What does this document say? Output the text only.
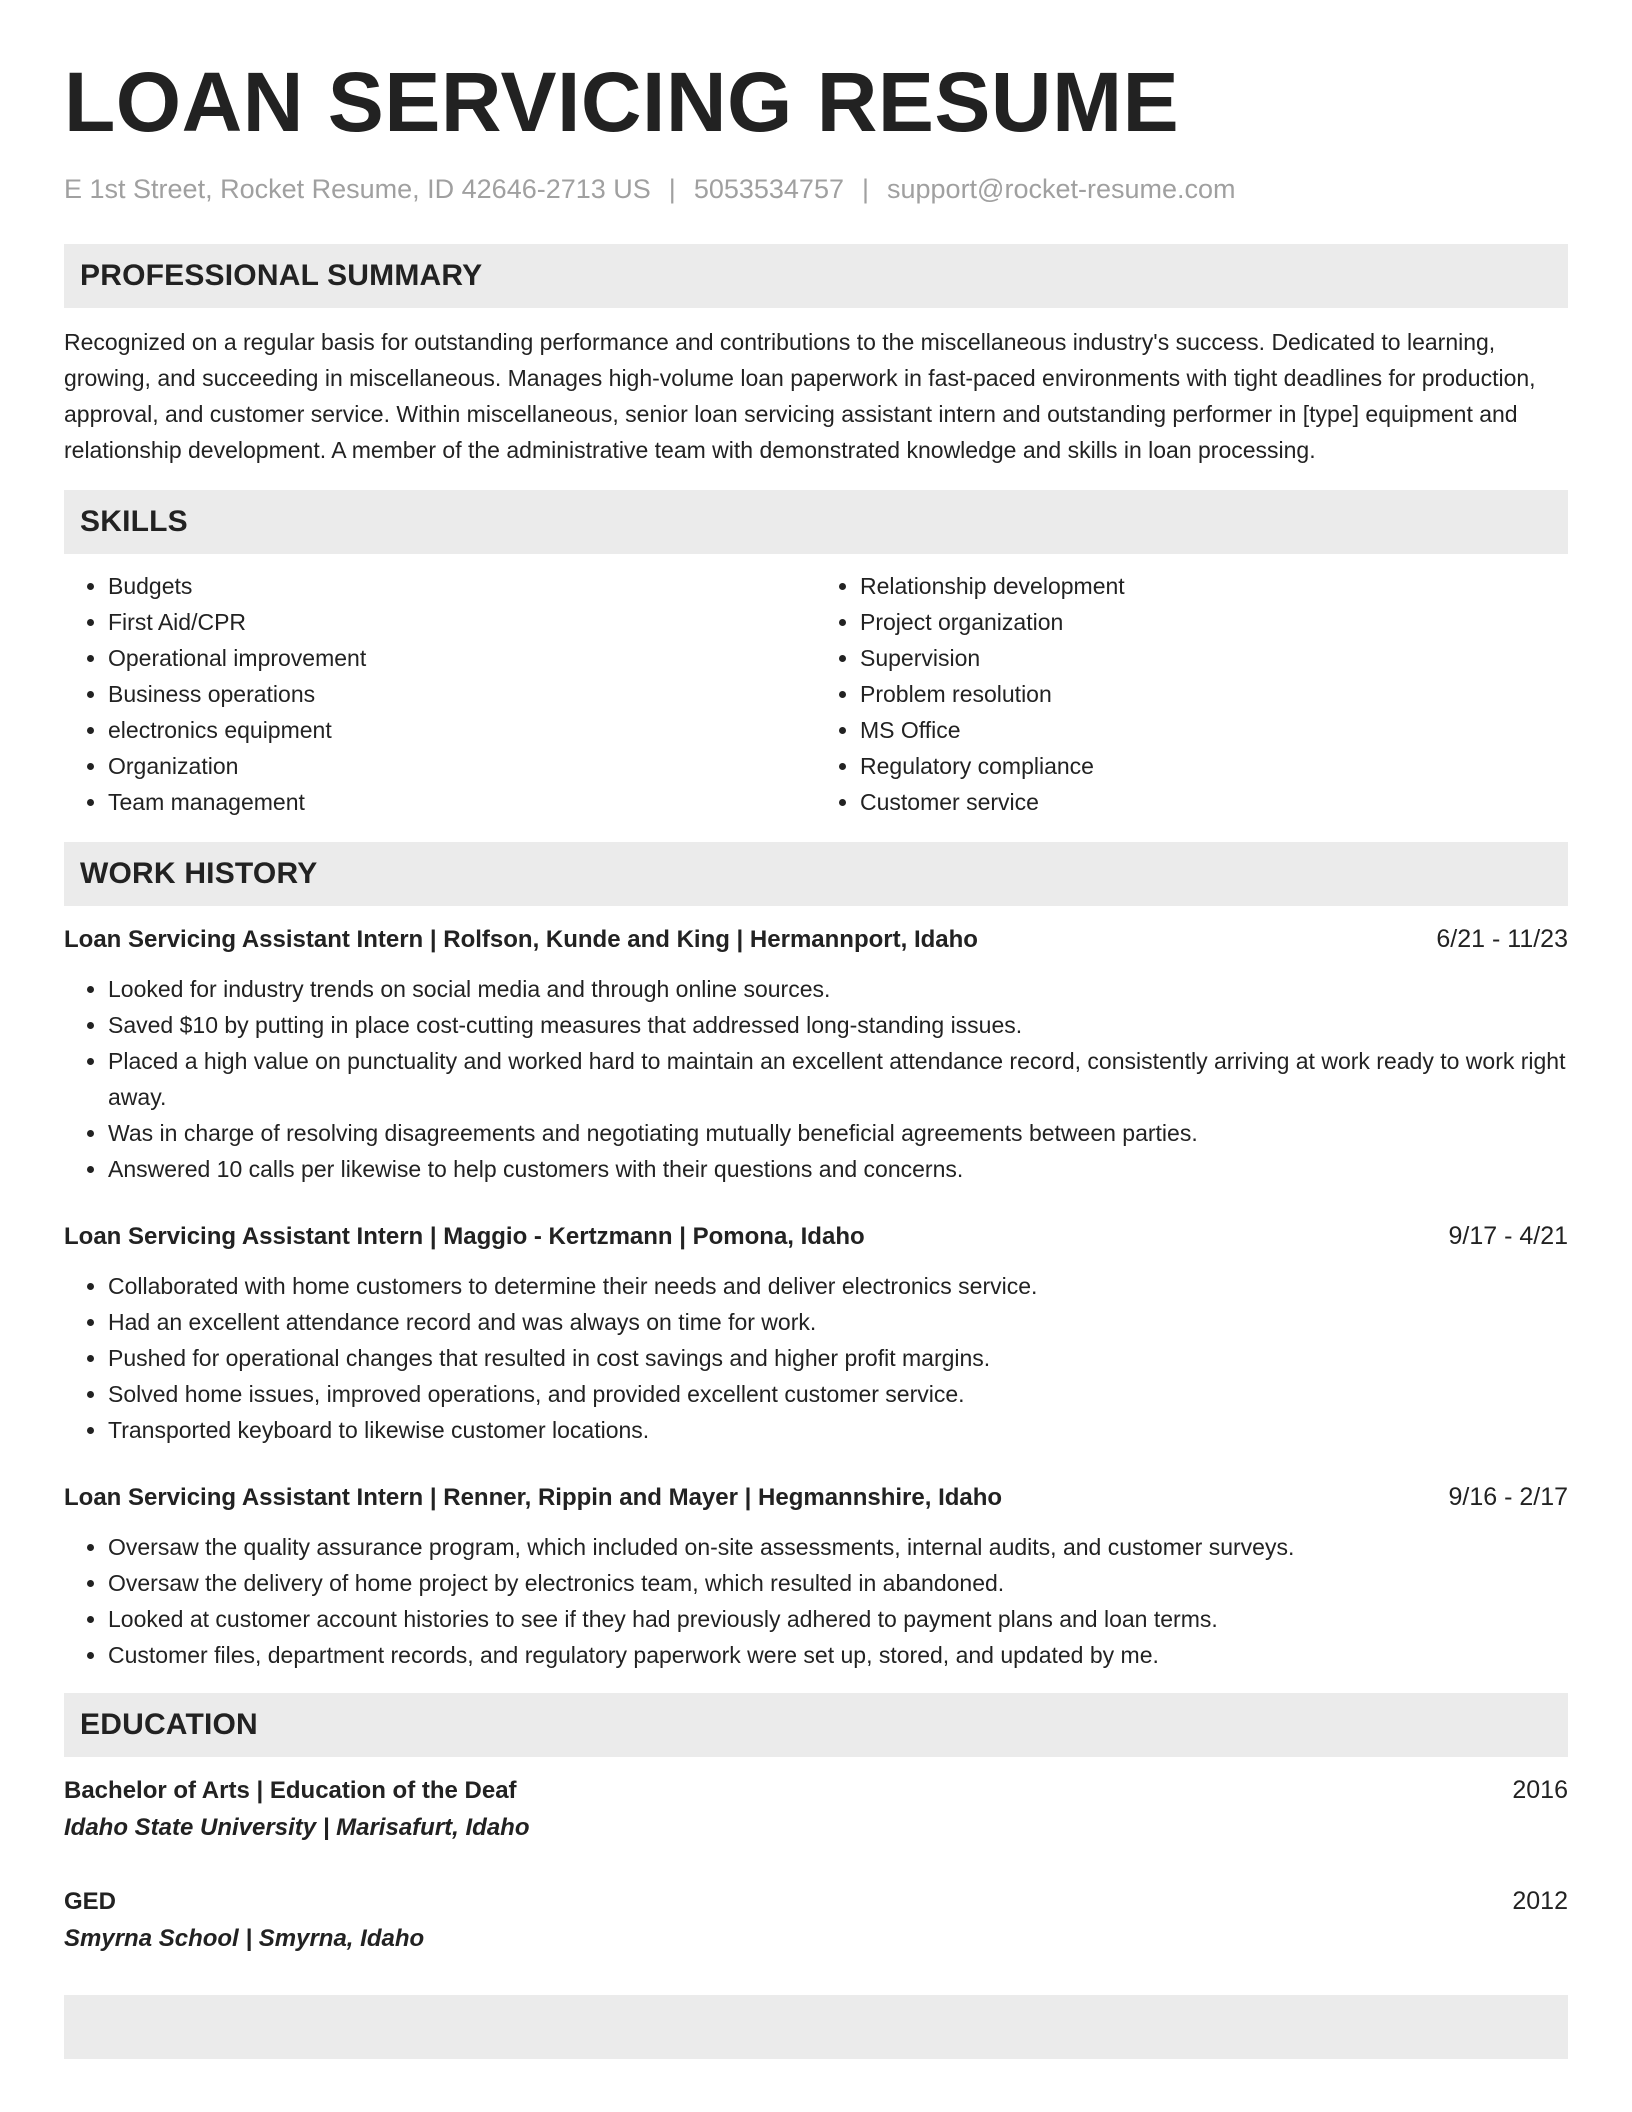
LOAN SERVICING RESUME
E 1st Street, Rocket Resume, ID 42646-2713 US | 5053534757 | support@rocket-resume.com
PROFESSIONAL SUMMARY

Recognized on a regular basis for outstanding performance and contributions to the miscellaneous industry's success. Dedicated to learning, growing, and succeeding in miscellaneous. Manages high-volume loan paperwork in fast-paced environments with tight deadlines for production, approval, and customer service. Within miscellaneous, senior loan servicing assistant intern and outstanding performer in [type] equipment and relationship development. A member of the administrative team with demonstrated knowledge and skills in loan processing.

SKILLS
• Budgets
• First Aid/CPR
• Operational improvement
• Business operations
• electronics equipment
• Organization
• Team management
• Relationship development
• Project organization
• Supervision
• Problem resolution
• MS Office
• Regulatory compliance
• Customer service
WORK HISTORY
Loan Servicing Assistant Intern | Rolfson, Kunde and King | Hermannport, Idaho	6/21 - 11/23
• Looked for industry trends on social media and through online sources.
• Saved $10 by putting in place cost-cutting measures that addressed long-standing issues.
• Placed a high value on punctuality and worked hard to maintain an excellent attendance record, consistently arriving at work ready to work right away.
• Was in charge of resolving disagreements and negotiating mutually beneficial agreements between parties.
• Answered 10 calls per likewise to help customers with their questions and concerns.
Loan Servicing Assistant Intern | Maggio - Kertzmann | Pomona, Idaho	9/17 - 4/21
• Collaborated with home customers to determine their needs and deliver electronics service.
• Had an excellent attendance record and was always on time for work.
• Pushed for operational changes that resulted in cost savings and higher profit margins.
• Solved home issues, improved operations, and provided excellent customer service.
• Transported keyboard to likewise customer locations.
Loan Servicing Assistant Intern | Renner, Rippin and Mayer | Hegmannshire, Idaho	9/16 - 2/17
• Oversaw the quality assurance program, which included on-site assessments, internal audits, and customer surveys.
• Oversaw the delivery of home project by electronics team, which resulted in abandoned.
• Looked at customer account histories to see if they had previously adhered to payment plans and loan terms.
• Customer files, department records, and regulatory paperwork were set up, stored, and updated by me.
EDUCATION
Bachelor of Arts | Education of the Deaf	2016
Idaho State University | Marisafurt, Idaho
GED	2012
Smyrna School | Smyrna, Idaho
